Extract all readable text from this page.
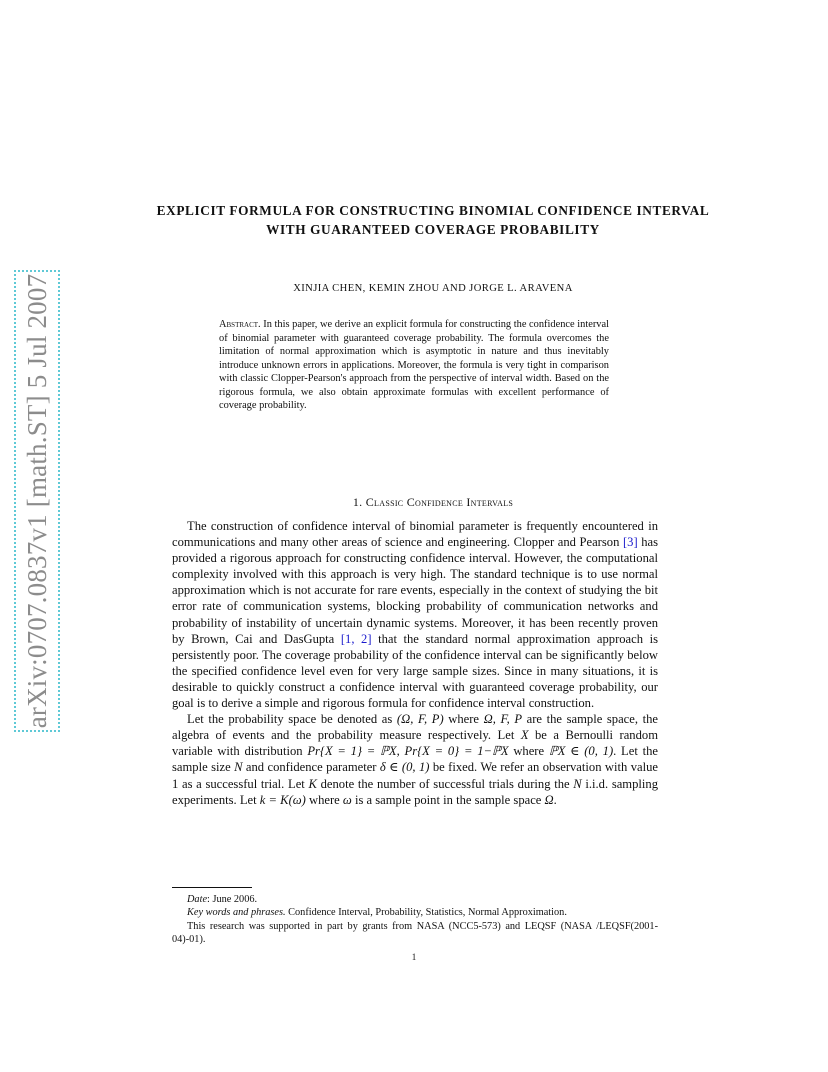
arXiv:0707.0837v1 [math.ST] 5 Jul 2007
EXPLICIT FORMULA FOR CONSTRUCTING BINOMIAL CONFIDENCE INTERVAL WITH GUARANTEED COVERAGE PROBABILITY
XINJIA CHEN, KEMIN ZHOU AND JORGE L. ARAVENA
Abstract. In this paper, we derive an explicit formula for constructing the confidence interval of binomial parameter with guaranteed coverage probability. The formula overcomes the limitation of normal approximation which is asymptotic in nature and thus inevitably introduce unknown errors in applications. Moreover, the formula is very tight in comparison with classic Clopper-Pearson's approach from the perspective of interval width. Based on the rigorous formula, we also obtain approximate formulas with excellent performance of coverage probability.
1. Classic Confidence Intervals

The construction of confidence interval of binomial parameter is frequently encountered in communications and many other areas of science and engineering. Clopper and Pearson [3] has provided a rigorous approach for constructing confidence interval. However, the computational complexity involved with this approach is very high. The standard technique is to use normal approximation which is not accurate for rare events, especially in the context of studying the bit error rate of communication systems, blocking probability of communication networks and probability of instability of uncertain dynamic systems. Moreover, it has been recently proven by Brown, Cai and DasGupta [1, 2] that the standard normal approximation approach is persistently poor. The coverage probability of the confidence interval can be significantly below the specified confidence level even for very large sample sizes. Since in many situations, it is desirable to quickly construct a confidence interval with guaranteed coverage probability, our goal is to derive a simple and rigorous formula for confidence interval construction.

Let the probability space be denoted as (Ω, F, P) where Ω, F, P are the sample space, the algebra of events and the probability measure respectively. Let X be a Bernoulli random variable with distribution Pr{X = 1} = ℙX, Pr{X = 0} = 1−ℙX where ℙX ∈ (0, 1). Let the sample size N and confidence parameter δ ∈ (0, 1) be fixed. We refer an observation with value 1 as a successful trial. Let K denote the number of successful trials during the N i.i.d. sampling experiments. Let k = K(ω) where ω is a sample point in the sample space Ω.

Date: June 2006.

Key words and phrases. Confidence Interval, Probability, Statistics, Normal Approximation.

This research was supported in part by grants from NASA (NCC5-573) and LEQSF (NASA /LEQSF(2001-04)-01).

1
